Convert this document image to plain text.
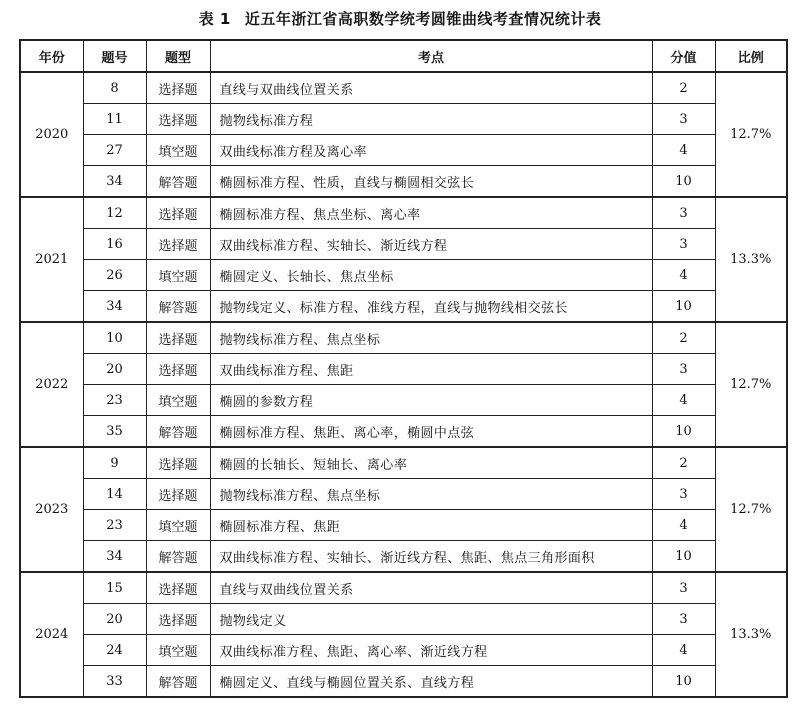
表 1 近五年浙江省高职数学统考圆锥曲线考查情况统计表
年份	题号	题型	考点	分值	比例
2020	8	选择题	直线与双曲线位置关系	2	12.7%
	11	选择题	抛物线标准方程	3	
	27	填空题	双曲线标准方程及离心率	4	
	34	解答题	椭圆标准方程、性质，直线与椭圆相交弦长	10	
2021	12	选择题	椭圆标准方程、焦点坐标、离心率	3	13.3%
	16	选择题	双曲线标准方程、实轴长、渐近线方程	3	
	26	填空题	椭圆定义、长轴长、焦点坐标	4	
	34	解答题	抛物线定义、标准方程、准线方程，直线与抛物线相交弦长	10	
2022	10	选择题	抛物线标准方程、焦点坐标	2	12.7%
	20	选择题	双曲线标准方程、焦距	3	
	23	填空题	椭圆的参数方程	4	
	35	解答题	椭圆标准方程、焦距、离心率，椭圆中点弦	10	
2023	9	选择题	椭圆的长轴长、短轴长、离心率	2	12.7%
	14	选择题	抛物线标准方程、焦点坐标	3	
	23	填空题	椭圆标准方程、焦距	4	
	34	解答题	双曲线标准方程、实轴长、渐近线方程、焦距、焦点三角形面积	10	
2024	15	选择题	直线与双曲线位置关系	3	13.3%
	20	选择题	抛物线定义	3	
	24	填空题	双曲线标准方程、焦距、离心率、渐近线方程	4	
	33	解答题	椭圆定义、直线与椭圆位置关系、直线方程	10	
